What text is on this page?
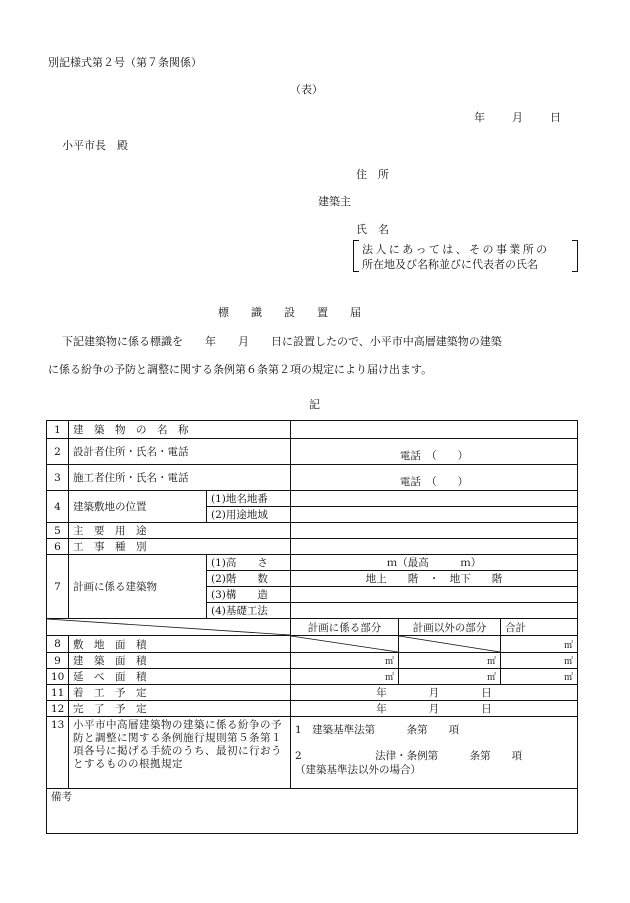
別記様式第２号（第７条関係）
（表）
年 月 日
小平市長　殿
住　所
建築主
氏　名
法人にあっては、その事業所の
所在地及び名称並びに代表者の氏名
標　　識　　設　　置　　届
下記建築物に係る標識を　　年　　月　　日に設置したので、小平市中高層建築物の建築
に係る紛争の予防と調整に関する条例第６条第２項の規定により届け出ます。
記
1	建　築　物　の　名　称				
2	設計者住所・氏名・電話		電話　（　　）		
3	施工者住所・氏名・電話		電話　（　　）		
4	建築敷地の位置	(1)地名地番			
		(2)用途地域			
5	主　要　用　途				
6	工　事　種　別				
7	計画に係る建築物	(1)高　　さ	ｍ（最高　　　ｍ）		
		(2)階　　数	地上　　階　・　地下　　階		
		(3)構　　造			
		(4)基礎工法			

	計画に係る部分	計画以外の部分	合計
8	敷　地　面　積				㎡
9	建　築　面　積		㎡	㎡	㎡
10	延　べ　面　積		㎡	㎡	㎡
11	着　工　予　定		年　　　　月　　　　日		
12	完　了　予　定		年　　　　月　　　　日		
13	小平市中高層建築物の建築に係る紛争の予防と調整に関する条例施行規則第５条第１項各号に掲げる手続のうち、最初に行おうとするものの根拠規定		1　建築基準法第　　　条第　　項
2　　　　　　　法律・条例第　　　条第　　項
（建築基準法以外の場合）		

備考					
